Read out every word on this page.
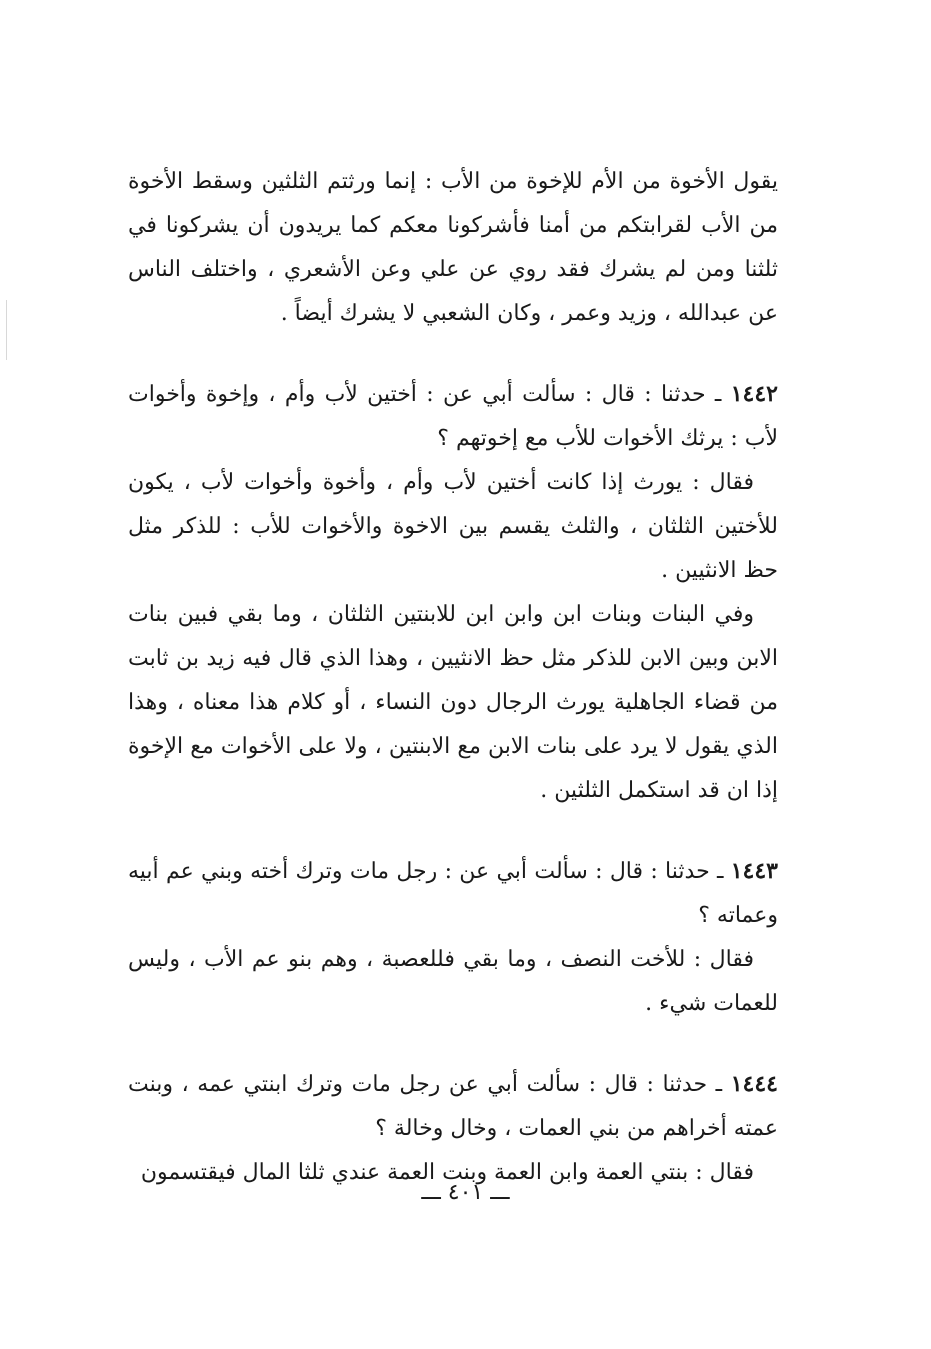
يقول الأخوة من الأم للإخوة من الأب : إنما ورثتم الثلثين وسقط الأخوة من الأب لقرابتكم من أمنا فأشركونا معكم كما يريدون أن يشركونا في ثلثنا ومن لم يشرك فقد روي عن علي وعن الأشعري ، واختلف الناس عن عبدالله ، وزيد وعمر ، وكان الشعبي لا يشرك أيضاً .

١٤٤٢ ـ حدثنا : قال : سألت أبي عن : أختين لأب وأم ، وإخوة وأخوات لأب : يرثك الأخوات للأب مع إخوتهم ؟

فقال : يورث إذا كانت أختين لأب وأم ، وأخوة وأخوات لأب ، يكون للأختين الثلثان ، والثلث يقسم بين الاخوة والأخوات للأب : للذكر مثل حظ الانثيين .

وفي البنات وبنات ابن وابن ابن للابنتين الثلثان ، وما بقي فبين بنات الابن وبين الابن للذكر مثل حظ الانثيين ، وهذا الذي قال فيه زيد بن ثابت من قضاء الجاهلية يورث الرجال دون النساء ، أو كلام هذا معناه ، وهذا الذي يقول لا يرد على بنات الابن مع الابنتين ، ولا على الأخوات مع الإخوة إذا ان قد استكمل الثلثين .

١٤٤٣ ـ حدثنا : قال : سألت أبي عن : رجل مات وترك أخته وبني عم أبيه وعماته ؟

فقال : للأخت النصف ، وما بقي فللعصبة ، وهم بنو عم الأب ، وليس للعمات شيء .

١٤٤٤ ـ حدثنا : قال : سألت أبي عن رجل مات وترك ابنتي عمه ، وبنت عمته أخراهم من بني العمات ، وخال وخالة ؟

فقال : بنتي العمة وابن العمة وبنت العمة عندي ثلثا المال فيقتسمون

ـــ ٤٠١ ـــ
